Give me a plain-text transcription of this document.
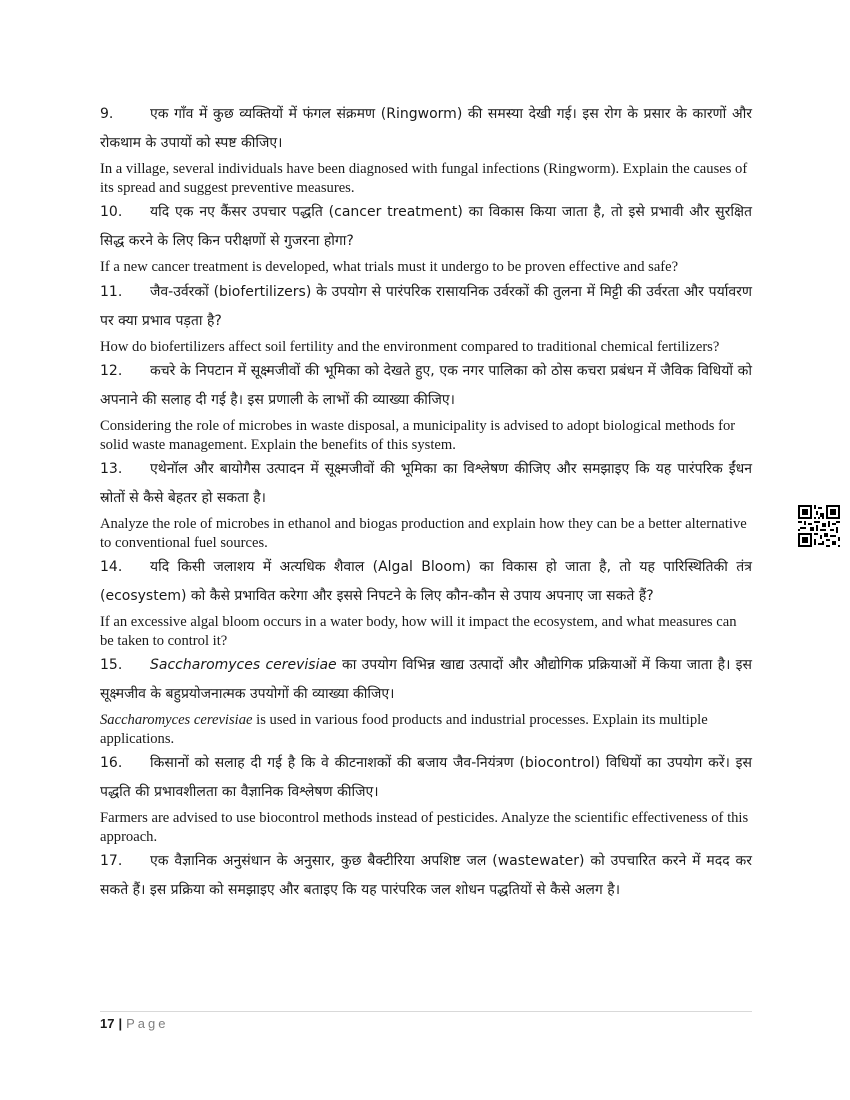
9.	एक गाँव में कुछ व्यक्तियों में फंगल संक्रमण (Ringworm) की समस्या देखी गई। इस रोग के प्रसार के कारणों और रोकथाम के उपायों को स्पष्ट कीजिए।

In a village, several individuals have been diagnosed with fungal infections (Ringworm). Explain the causes of its spread and suggest preventive measures.

10. यदि एक नए कैंसर उपचार पद्धति (cancer treatment) का विकास किया जाता है, तो इसे प्रभावी और सुरक्षित सिद्ध करने के लिए किन परीक्षणों से गुजरना होगा?

If a new cancer treatment is developed, what trials must it undergo to be proven effective and safe?

11. जैव-उर्वरकों (biofertilizers) के उपयोग से पारंपरिक रासायनिक उर्वरकों की तुलना में मिट्टी की उर्वरता और पर्यावरण पर क्या प्रभाव पड़ता है?

How do biofertilizers affect soil fertility and the environment compared to traditional chemical fertilizers?

12. कचरे के निपटान में सूक्ष्मजीवों की भूमिका को देखते हुए, एक नगर पालिका को ठोस कचरा प्रबंधन में जैविक विधियों को अपनाने की सलाह दी गई है। इस प्रणाली के लाभों की व्याख्या कीजिए।

Considering the role of microbes in waste disposal, a municipality is advised to adopt biological methods for solid waste management. Explain the benefits of this system.

13. एथेनॉल और बायोगैस उत्पादन में सूक्ष्मजीवों की भूमिका का विश्लेषण कीजिए और समझाइए कि यह पारंपरिक ईंधन स्रोतों से कैसे बेहतर हो सकता है।

Analyze the role of microbes in ethanol and biogas production and explain how they can be a better alternative to conventional fuel sources.

14. यदि किसी जलाशय में अत्यधिक शैवाल (Algal Bloom) का विकास हो जाता है, तो यह पारिस्थितिकी तंत्र (ecosystem) को कैसे प्रभावित करेगा और इससे निपटने के लिए कौन-कौन से उपाय अपनाए जा सकते हैं?

If an excessive algal bloom occurs in a water body, how will it impact the ecosystem, and what measures can be taken to control it?

15. Saccharomyces cerevisiae का उपयोग विभिन्न खाद्य उत्पादों और औद्योगिक प्रक्रियाओं में किया जाता है। इस सूक्ष्मजीव के बहुप्रयोजनात्मक उपयोगों की व्याख्या कीजिए।

Saccharomyces cerevisiae is used in various food products and industrial processes. Explain its multiple applications.

16. किसानों को सलाह दी गई है कि वे कीटनाशकों की बजाय जैव-नियंत्रण (biocontrol) विधियों का उपयोग करें। इस पद्धति की प्रभावशीलता का वैज्ञानिक विश्लेषण कीजिए।

Farmers are advised to use biocontrol methods instead of pesticides. Analyze the scientific effectiveness of this approach.

17. एक वैज्ञानिक अनुसंधान के अनुसार, कुछ बैक्टीरिया अपशिष्ट जल (wastewater) को उपचारित करने में मदद कर सकते हैं। इस प्रक्रिया को समझाइए और बताइए कि यह पारंपरिक जल शोधन पद्धतियों से कैसे अलग है।

17 | Page
